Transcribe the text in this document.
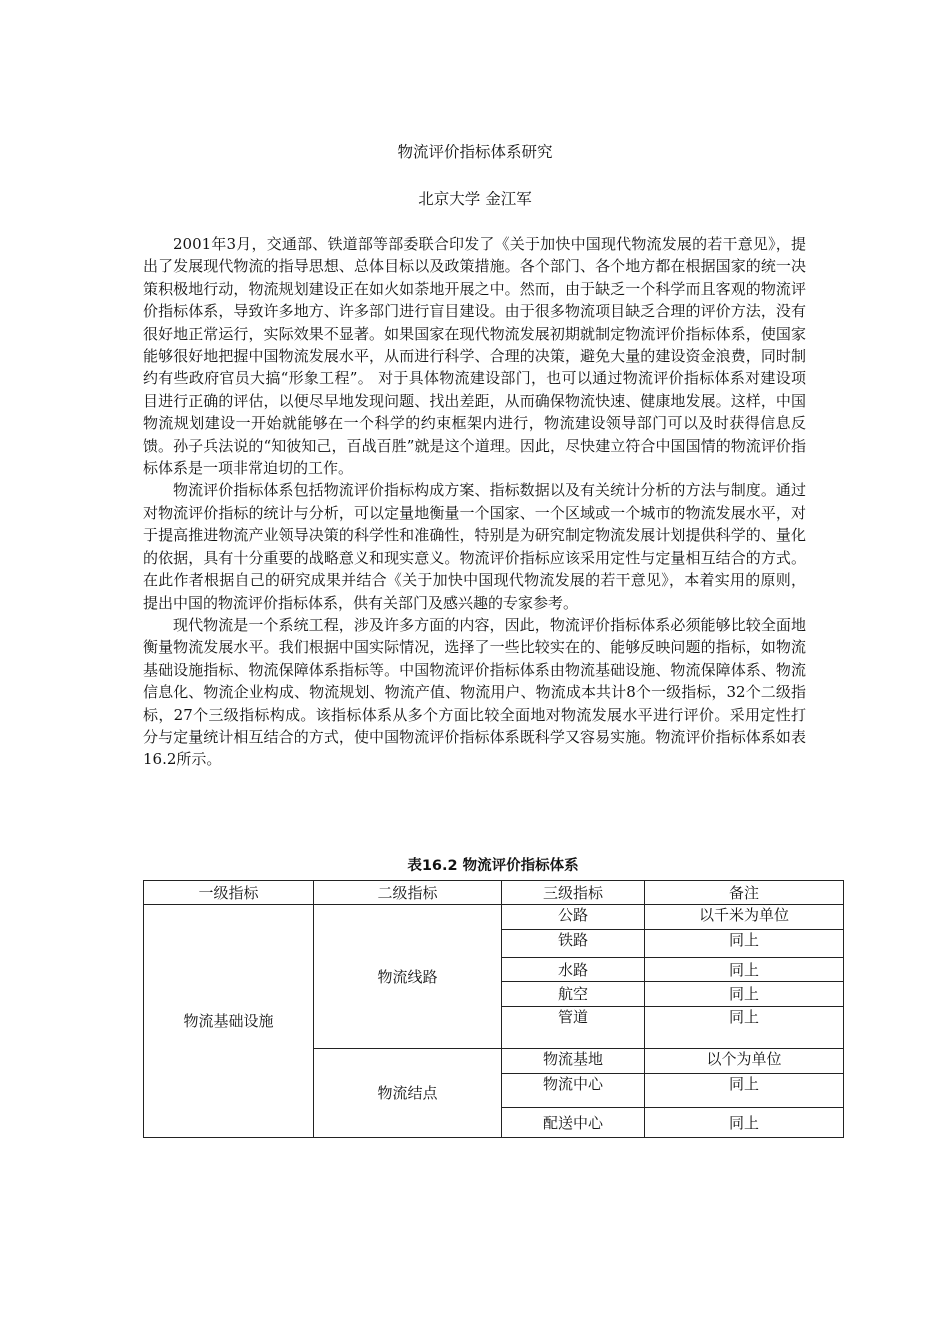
物流评价指标体系研究
北京大学 金江军

2001年3月，交通部、铁道部等部委联合印发了《关于加快中国现代物流发展的若干意见》，提出了发展现代物流的指导思想、总体目标以及政策措施。各个部门、各个地方都在根据国家的统一决策积极地行动，物流规划建设正在如火如荼地开展之中。然而，由于缺乏一个科学而且客观的物流评价指标体系，导致许多地方、许多部门进行盲目建设。由于很多物流项目缺乏合理的评价方法，没有很好地正常运行，实际效果不显著。如果国家在现代物流发展初期就制定物流评价指标体系，使国家能够很好地把握中国物流发展水平，从而进行科学、合理的决策，避免大量的建设资金浪费，同时制约有些政府官员大搞“形象工程”。 对于具体物流建设部门，也可以通过物流评价指标体系对建设项目进行正确的评估，以便尽早地发现问题、找出差距，从而确保物流快速、健康地发展。这样，中国物流规划建设一开始就能够在一个科学的约束框架内进行，物流建设领导部门可以及时获得信息反馈。孙子兵法说的“知彼知己，百战百胜”就是这个道理。因此，尽快建立符合中国国情的物流评价指标体系是一项非常迫切的工作。

物流评价指标体系包括物流评价指标构成方案、指标数据以及有关统计分析的方法与制度。通过对物流评价指标的统计与分析，可以定量地衡量一个国家、一个区域或一个城市的物流发展水平，对于提高推进物流产业领导决策的科学性和准确性，特别是为研究制定物流发展计划提供科学的、量化的依据，具有十分重要的战略意义和现实意义。物流评价指标应该采用定性与定量相互结合的方式。在此作者根据自己的研究成果并结合《关于加快中国现代物流发展的若干意见》，本着实用的原则，提出中国的物流评价指标体系，供有关部门及感兴趣的专家参考。

现代物流是一个系统工程，涉及许多方面的内容，因此，物流评价指标体系必须能够比较全面地衡量物流发展水平。我们根据中国实际情况，选择了一些比较实在的、能够反映问题的指标，如物流基础设施指标、物流保障体系指标等。中国物流评价指标体系由物流基础设施、物流保障体系、物流信息化、物流企业构成、物流规划、物流产值、物流用户、物流成本共计8个一级指标，32个二级指标，27个三级指标构成。该指标体系从多个方面比较全面地对物流发展水平进行评价。采用定性打分与定量统计相互结合的方式，使中国物流评价指标体系既科学又容易实施。物流评价指标体系如表16.2所示。

表16.2 物流评价指标体系
一级指标	二级指标	三级指标	备注
物流基础设施	物流线路	公路	以千米为单位
		铁路	同上
		水路	同上
		航空	同上
		管道	同上
	物流结点	物流基地	以个为单位
		物流中心	同上
		配送中心	同上
